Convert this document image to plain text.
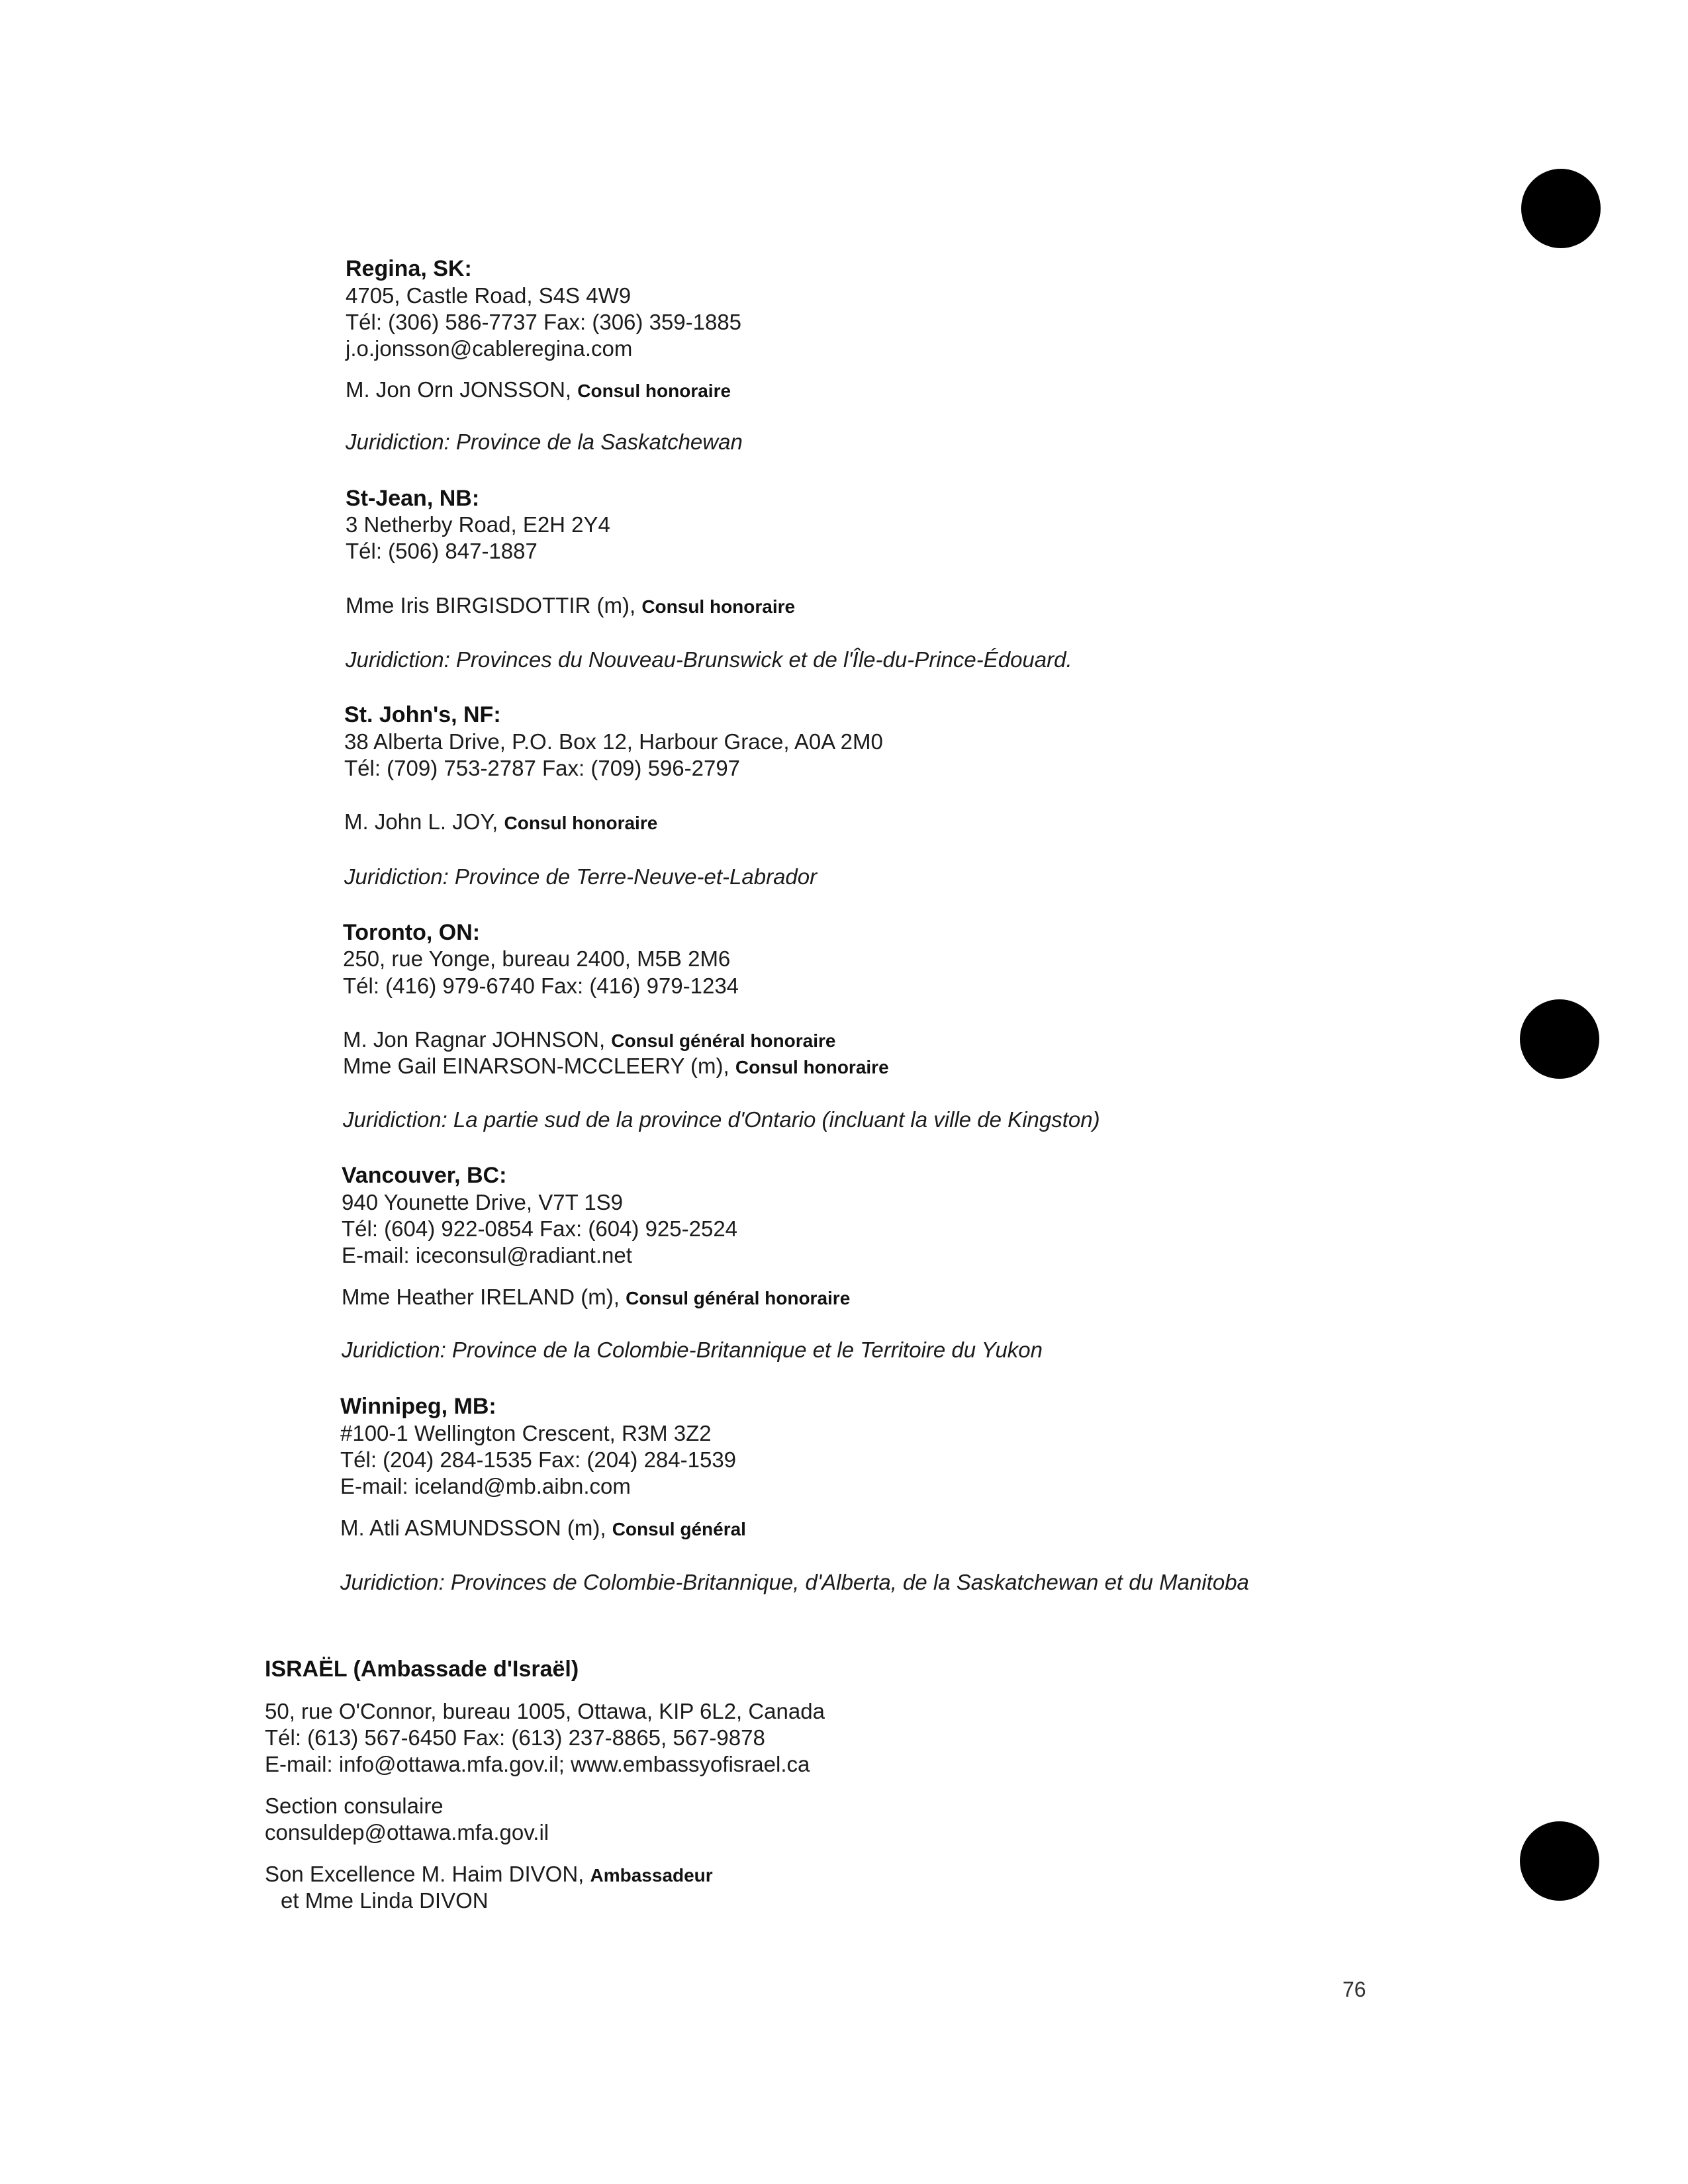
Regina, SK:
4705, Castle Road, S4S 4W9
Tél: (306) 586-7737 Fax: (306) 359-1885
j.o.jonsson@cableregina.com
M. Jon Orn JONSSON, Consul honoraire
Juridiction: Province de la Saskatchewan
St-Jean, NB:
3 Netherby Road, E2H 2Y4
Tél: (506) 847-1887
Mme Iris BIRGISDOTTIR (m), Consul honoraire
Juridiction: Provinces du Nouveau-Brunswick et de l'Île-du-Prince-Édouard.
St. John's, NF:
38 Alberta Drive, P.O. Box 12, Harbour Grace, A0A 2M0
Tél: (709) 753-2787 Fax: (709) 596-2797
M. John L. JOY, Consul honoraire
Juridiction: Province de Terre-Neuve-et-Labrador
Toronto, ON:
250, rue Yonge, bureau 2400, M5B 2M6
Tél: (416) 979-6740 Fax: (416) 979-1234
M. Jon Ragnar JOHNSON, Consul général honoraire
Mme Gail EINARSON-MCCLEERY (m), Consul honoraire
Juridiction: La partie sud de la province d'Ontario (incluant la ville de Kingston)
Vancouver, BC:
940 Younette Drive, V7T 1S9
Tél: (604) 922-0854 Fax: (604) 925-2524
E-mail: iceconsul@radiant.net
Mme Heather IRELAND (m), Consul général honoraire
Juridiction: Province de la Colombie-Britannique et le Territoire du Yukon
Winnipeg, MB:
#100-1 Wellington Crescent, R3M 3Z2
Tél: (204) 284-1535 Fax: (204) 284-1539
E-mail: iceland@mb.aibn.com
M. Atli ASMUNDSSON (m), Consul général
Juridiction: Provinces de Colombie-Britannique, d'Alberta, de la Saskatchewan et du Manitoba
ISRAËL (Ambassade d'Israël)
50, rue O'Connor, bureau 1005, Ottawa, KIP 6L2, Canada
Tél: (613) 567-6450 Fax: (613) 237-8865, 567-9878
E-mail: info@ottawa.mfa.gov.il; www.embassyofisrael.ca
Section consulaire
consuldep@ottawa.mfa.gov.il
Son Excellence M. Haim DIVON, Ambassadeur
et Mme Linda DIVON
76
